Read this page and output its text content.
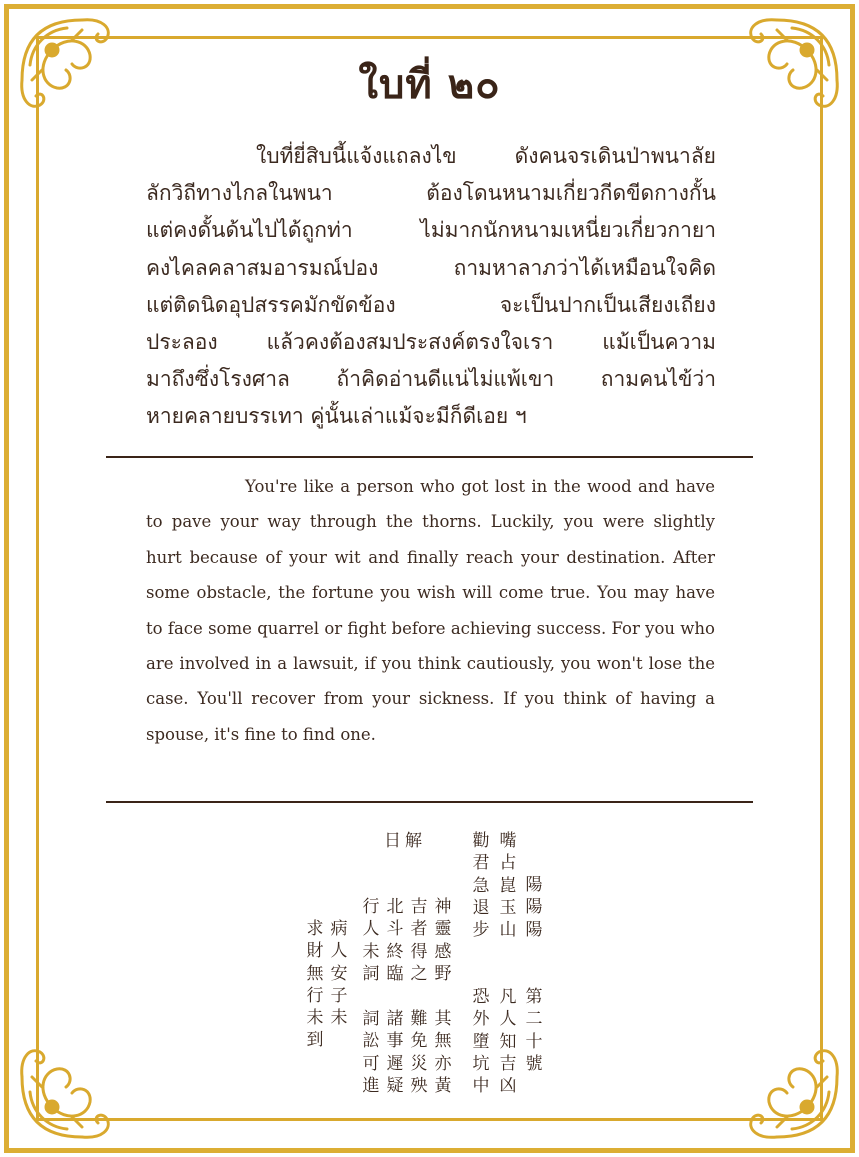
ใบที่ ๒๐
ใบที่ยี่สิบนี้แจ้งแถลงไข ดังคนจรเดินป่าพนาลัย
ลักวิถีทางไกลในพนา ต้องโดนหนามเกี่ยวกีดขีดกางกั้น
แต่คงดั้นด้นไปได้ถูกท่า ไม่มากนักหนามเหนี่ยวเกี่ยวกายา
คงไคลคลาสมอารมณ์ปอง ถามหาลาภว่าได้เหมือนใจคิด
แต่ติดนิดอุปสรรคมักขัดข้อง จะเป็นปากเป็นเสียงเถียง
ประลอง แล้วคงต้องสมประสงค์ตรงใจเรา แม้เป็นความ
มาถึงซึ่งโรงศาล ถ้าคิดอ่านดีแน่ไม่แพ้เขา ถามคนไข้ว่า
หายคลายบรรเทา คู่นั้นเล่าแม้จะมีก็ดีเอย ฯ

You're like a person who got lost in the wood and have to pave your way through the thorns. Luckily, you were slightly hurt because of your wit and finally reach your destination. After some obstacle, the fortune you wish will come true. You may have to face some quarrel or fight before achieving success. For you who are involved in a lawsuit, if you think cautiously, you won't lose the case. You'll recover from your sickness. If you think of having a spouse, it's fine to find one.

第二十號
凡人知吉凶
嘴占崑玉山
勸君急退步
恐外墮坑中
神靈感野
其無亦黃
吉者得之
難免災殃
北斗終臨
諸事遲疑
行人未詞
詞訟可進
日解
病人安子未
求財無行未到
陽陽陽
